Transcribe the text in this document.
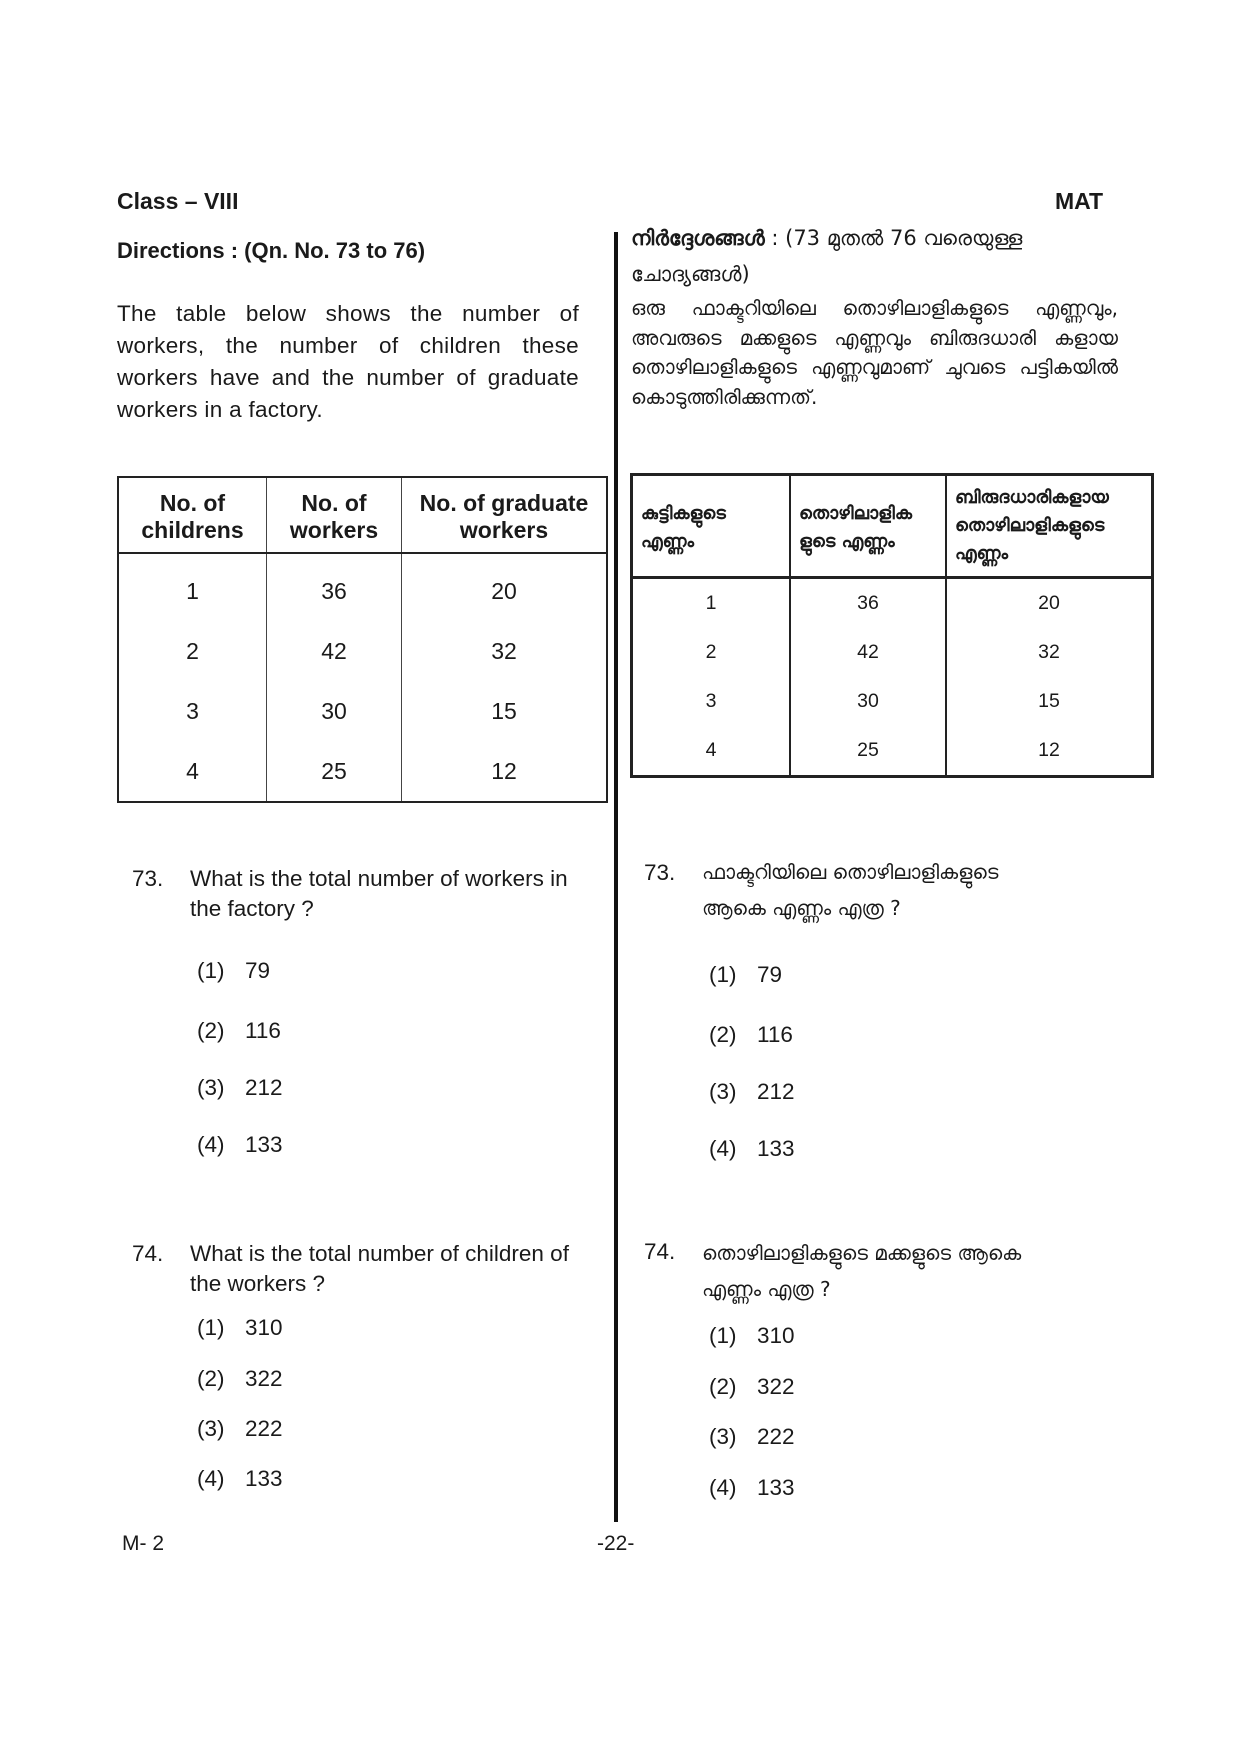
Class – VIII	MAT
Directions : (Qn. No. 73 to 76)
The table below shows the number of workers, the number of children these workers have and the number of graduate workers in a factory.
No. of childrens	No. of workers	No. of graduate workers
1	36	20
2	42	32
3	30	15
4	25	12
73. What is the total number of workers in the factory ?
(1) 79
(2) 116
(3) 212
(4) 133
74. What is the total number of children of the workers ?
(1) 310
(2) 322
(3) 222
(4) 133
നിർദ്ദേശങ്ങൾ : (73 മുതൽ 76 വരെയുള്ള ചോദ്യങ്ങൾ)
ഒരു ഫാക്ടറിയിലെ തൊഴിലാളികളുടെ എണ്ണവും, അവരുടെ മക്കളുടെ എണ്ണവും ബിരുദധാരി കളായ തൊഴിലാളികളുടെ എണ്ണവുമാണ് ചുവടെ പട്ടികയിൽ കൊടുത്തിരിക്കുന്നത്.
കുട്ടികളുടെ എണ്ണം	തൊഴിലാളിക ളുടെ എണ്ണം	ബിരുദധാരികളായ തൊഴിലാളികളുടെ എണ്ണം
1	36	20
2	42	32
3	30	15
4	25	12
73. ഫാക്ടറിയിലെ തൊഴിലാളികളുടെ
ആകെ എണ്ണം എത്ര ?
(1) 79
(2) 116
(3) 212
(4) 133
74. തൊഴിലാളികളുടെ മക്കളുടെ ആകെ
എണ്ണം എത്ര ?
(1) 310
(2) 322
(3) 222
(4) 133
M- 2	-22-
